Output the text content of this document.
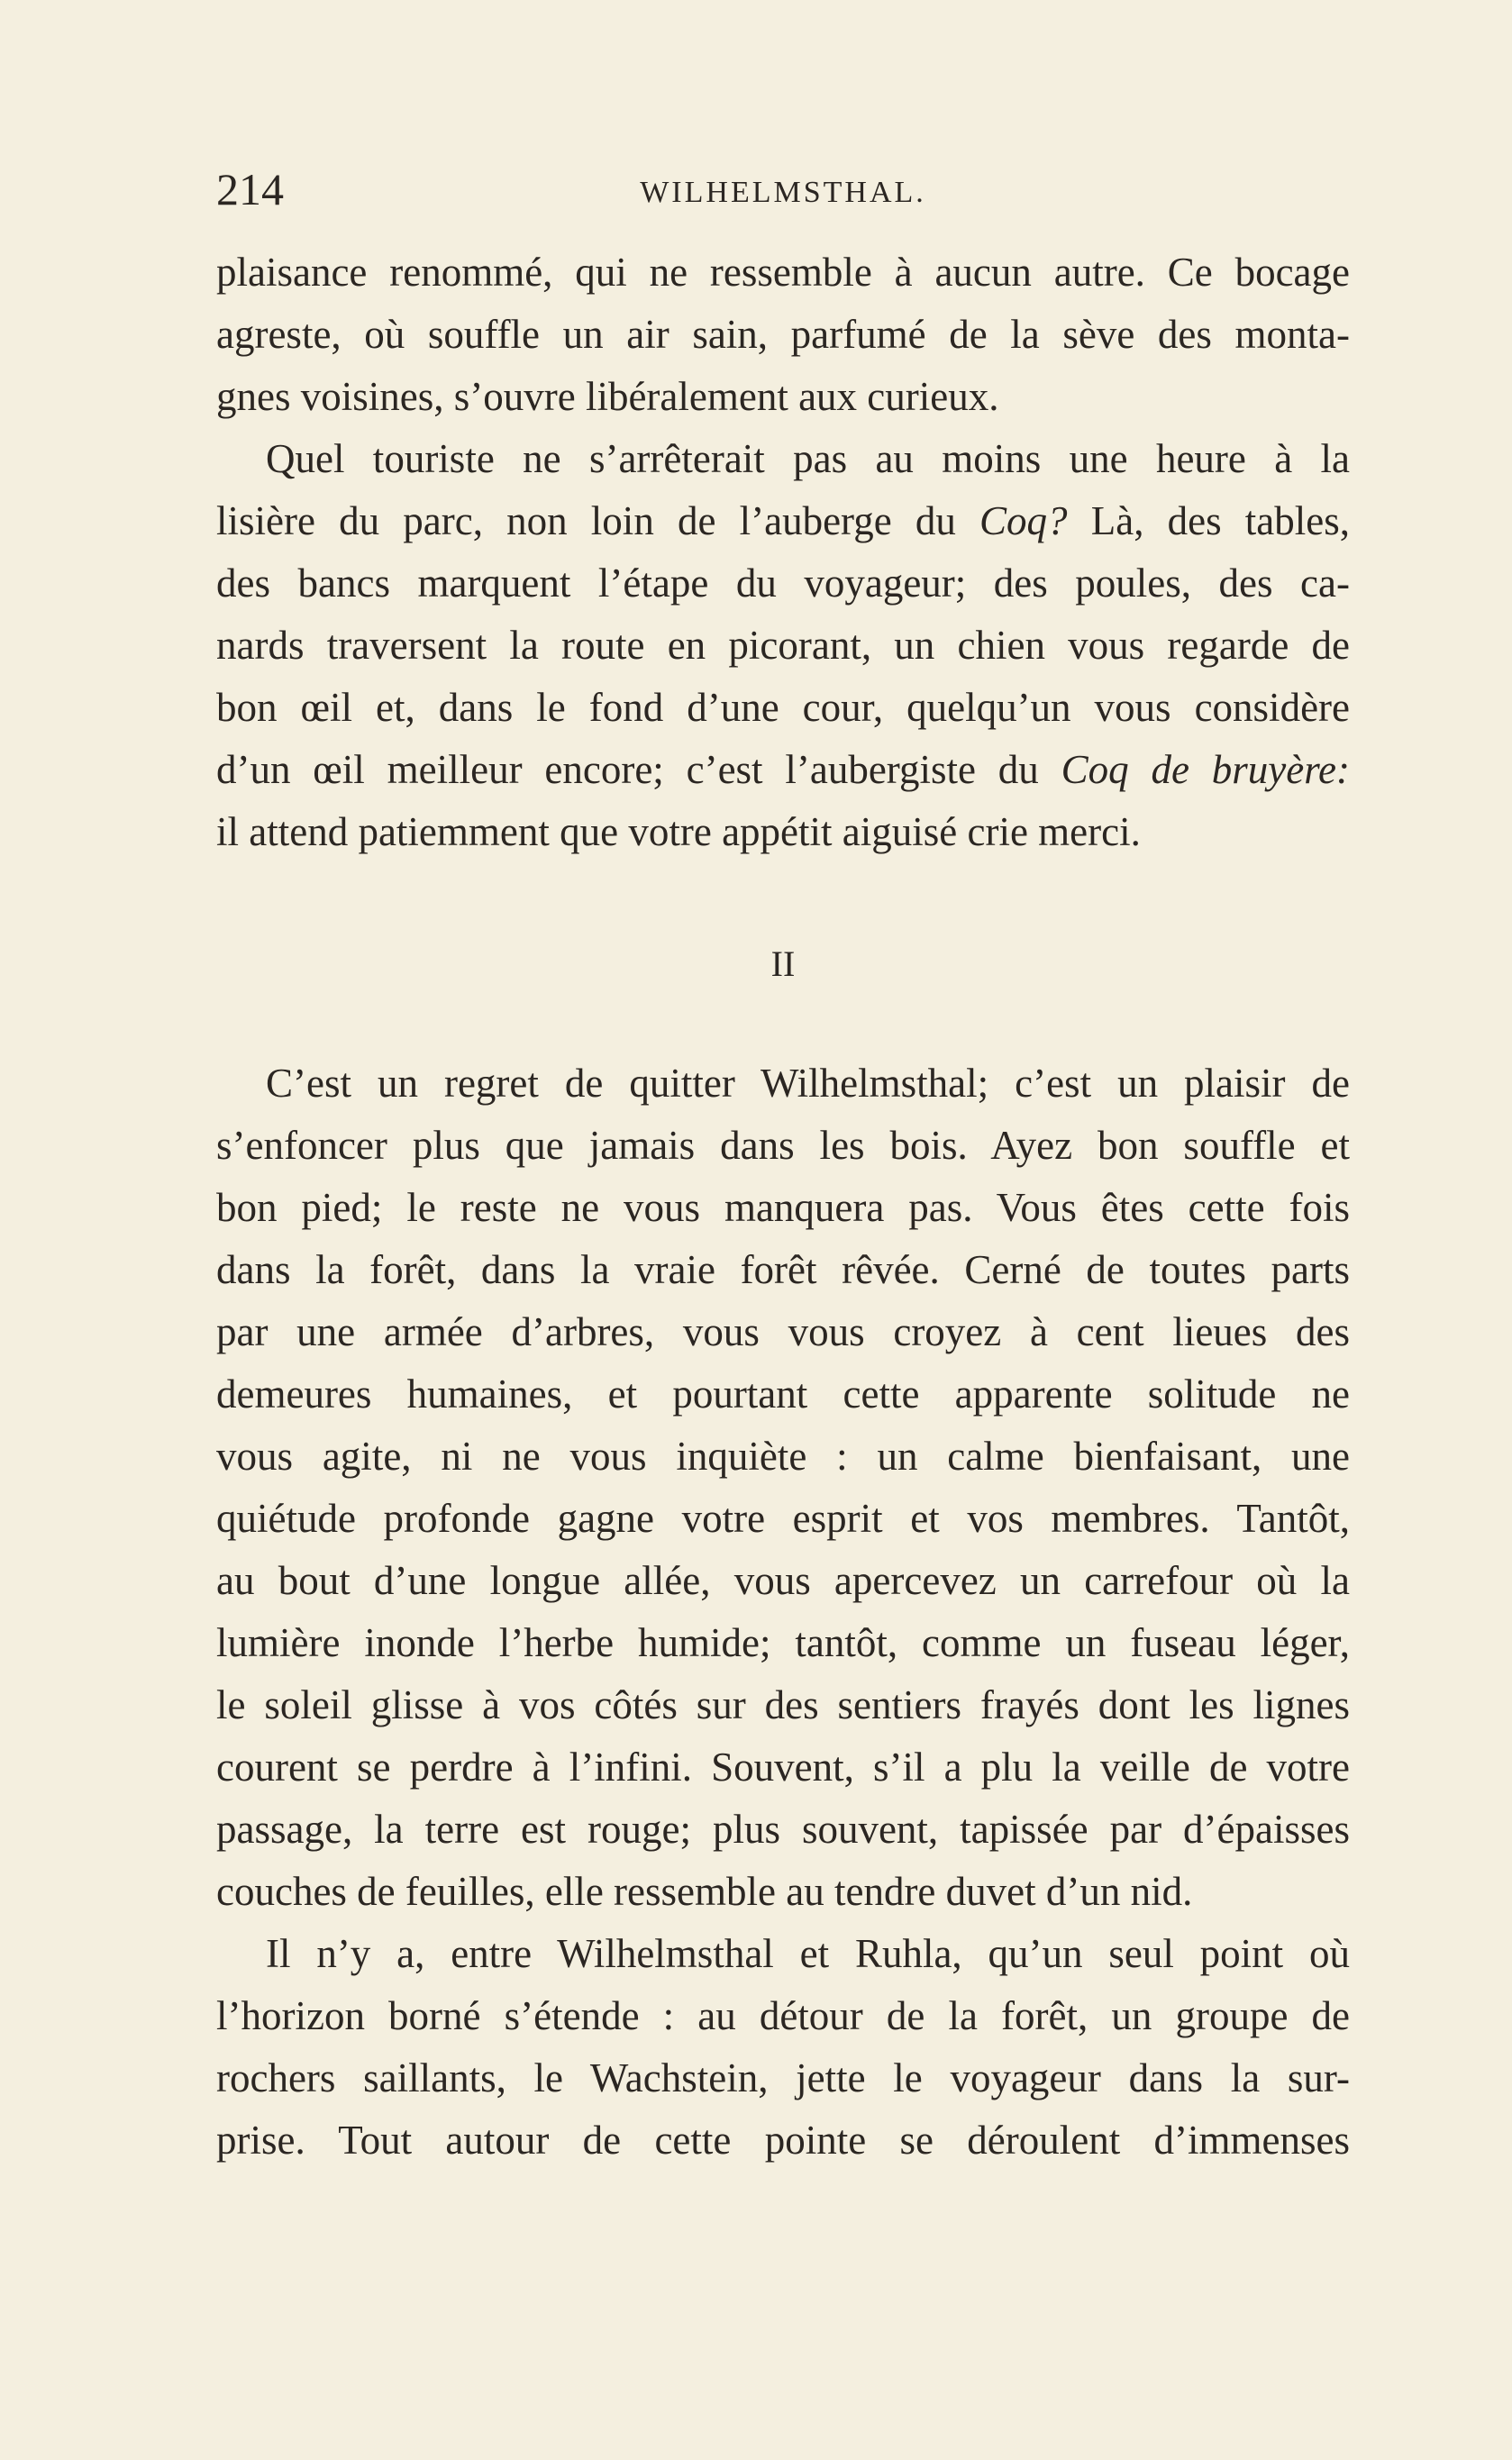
214	WILHELMSTHAL.
plaisance renommé, qui ne ressemble à aucun autre. Ce bocage
agreste, où souffle un air sain, parfumé de la sève des monta-
gnes voisines, s’ouvre libéralement aux curieux.
Quel touriste ne s’arrêterait pas au moins une heure à la
lisière du parc, non loin de l’auberge du Coq? Là, des tables,
des bancs marquent l’étape du voyageur; des poules, des ca-
nards traversent la route en picorant, un chien vous regarde de
bon œil et, dans le fond d’une cour, quelqu’un vous considère
d’un œil meilleur encore; c’est l’aubergiste du Coq de bruyère:
il attend patiemment que votre appétit aiguisé crie merci.
II
C’est un regret de quitter Wilhelmsthal; c’est un plaisir de
s’enfoncer plus que jamais dans les bois. Ayez bon souffle et
bon pied; le reste ne vous manquera pas. Vous êtes cette fois
dans la forêt, dans la vraie forêt rêvée. Cerné de toutes parts
par une armée d’arbres, vous vous croyez à cent lieues des
demeures humaines, et pourtant cette apparente solitude ne
vous agite, ni ne vous inquiète : un calme bienfaisant, une
quiétude profonde gagne votre esprit et vos membres. Tantôt,
au bout d’une longue allée, vous apercevez un carrefour où la
lumière inonde l’herbe humide; tantôt, comme un fuseau léger,
le soleil glisse à vos côtés sur des sentiers frayés dont les lignes
courent se perdre à l’infini. Souvent, s’il a plu la veille de votre
passage, la terre est rouge; plus souvent, tapissée par d’épaisses
couches de feuilles, elle ressemble au tendre duvet d’un nid.
Il n’y a, entre Wilhelmsthal et Ruhla, qu’un seul point où
l’horizon borné s’étende : au détour de la forêt, un groupe de
rochers saillants, le Wachstein, jette le voyageur dans la sur-
prise. Tout autour de cette pointe se déroulent d’immenses
